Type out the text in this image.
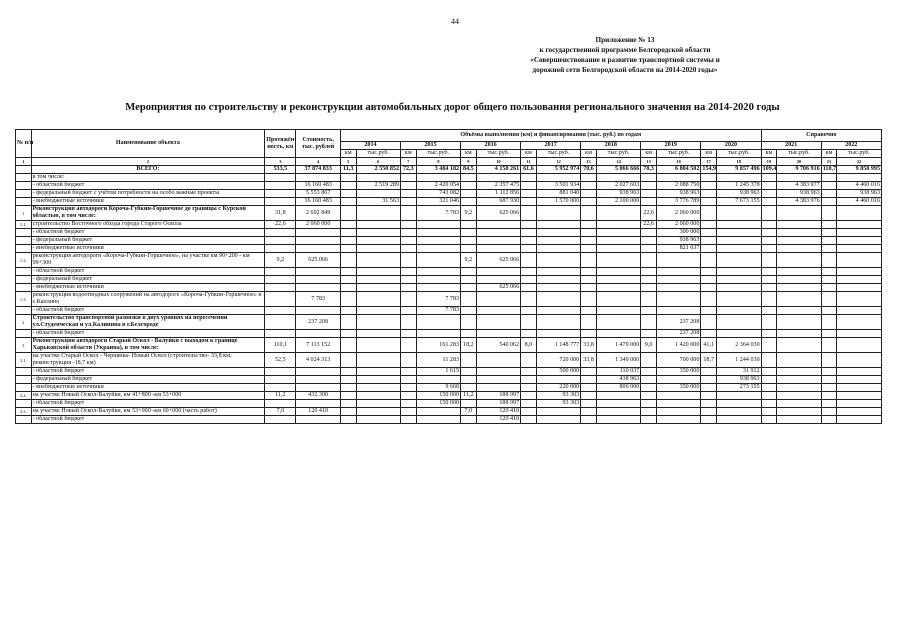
44
Приложение № 13
к государственной программе Белгородской области
«Совершенствование и развитие транспортной системы и
дорожной сети Белгородской области на 2014-2020 годы»
Мероприятия по строительству и реконструкции автомобильных дорог общего пользования регионального значения на 2014-2020 годы
№ п/п	Наименование объекта	Протяжён-ность, км	Стоимость, тыс. рублей	Объёмы выполнения (км) и финансирования (тыс. руб.) по годам														Справочно			
				2014		2015		2016		2017		2018		2019		2020		2021		2022	
				км	тыс.руб.	км	тыс.руб.	км	тыс.руб.	км	тыс.руб.	км	тыс.руб.	км	тыс.руб.	км	тыс.руб.	км	тыс.руб.	км	тыс.руб.
1	2	3	4	5	6	7	8	9	10	11	12	13	14	15	16	17	18	19	20	21	22
	ВСЕГО:	533,5	37 874 833	11,3	2 550 852	72,3	3 484 182	84,5	4 158 261	61,6	5 952 974	70,6	5 066 666	78,3	6 804 502	154,9	9 857 496	109,4	9 706 916	110,7	9 858 995
	в том числе:																				
	- областной бюджет		16 160 483		2 519 289		2 420 054		2 357 475		3 501 934		2 027 603		2 088 750		1 245 378		4 383 977		4 460 016
	- федеральный бюджет с учётом потребности на особо важные проекты		5 553 867				743 082		1 112 856		881 040		938 963		938 963		938 963		938 963		938 963
	- внебюджетные источники		16 160 483		31 563		321 046		687 930		1 570 000		2 100 000		3 776 789		7 673 155		4 383 976		4 460 016
1	Реконструкция автодороги Короча-Губкин-Горшечное до границы с Курской областью, в том числе:	31,8	2 692 849				7 783	9,2	625 066					22,6	2 060 000						
1.1.	строительство Восточного обхода города Старого Оскола	22,6	2 060 000											22,6	2 060 000						
	- областной бюджет														300 000						
	- федеральный бюджет														938 963						
	- внебюджетные источники														821 037						
1.2.	реконструкция автодороги «Короча-Губкин-Горшечное», на участке км 90+200 - км 99+300	9,2	625 066					9,2	625 066												
	- областной бюджет																				
	- федеральный бюджет																				
	- внебюджетные источники								625 066												
1.3.	реконструкция водоотводных сооружений на автодороге «Короча-Губкин-Горшечное» в с.Каплино		7 783				7 783														
	- областной бюджет						7 783														
2	Строительство транспортной развязки в двух уровнях на пересечении ул.Студенческая и ул.Калинина в г.Белгороде		237 208												237 208						
	- областной бюджет														237 208						
3	Реконструкция автодороги Старый Оскол - Валуйки с выходом к границе Харьковской области (Украина), в том числе:	110,1	7 113 152				161 283	18,2	540 062	8,0	1 148 777	33,8	1 479 000	9,0	1 420 000	41,1	2 364 030				
3.1.	на участке Старый Оскол - Чернянка- Новый Оскол (строительство- 33,8 км; реконструкция -18,7 км)	52,5	4 024 313				11 283				720 000	33,8	1 349 000		700 000	18,7	1 244 030				
	- областной бюджет						1 615				500 000		110 037		350 000		31 912				
	- федеральный бюджет												438 963				938 963				
	- внебюджетные источники						9 668				220 000		800 000		350 000		273 155				
3.2.	на участке Новый Оскол-Валуйки, км 41+800 -км 53+000	11,2	432 300				150 000	11,2	188 997		93 303										
	- областной бюджет						150 000		188 997		93 303										
3.3.	на участке Новый Оскол-Валуйки, км 53+000 -км 60+000 (часть работ)	7,0	120 410					7,0	120 410												
	- областной бюджет								120 410												
